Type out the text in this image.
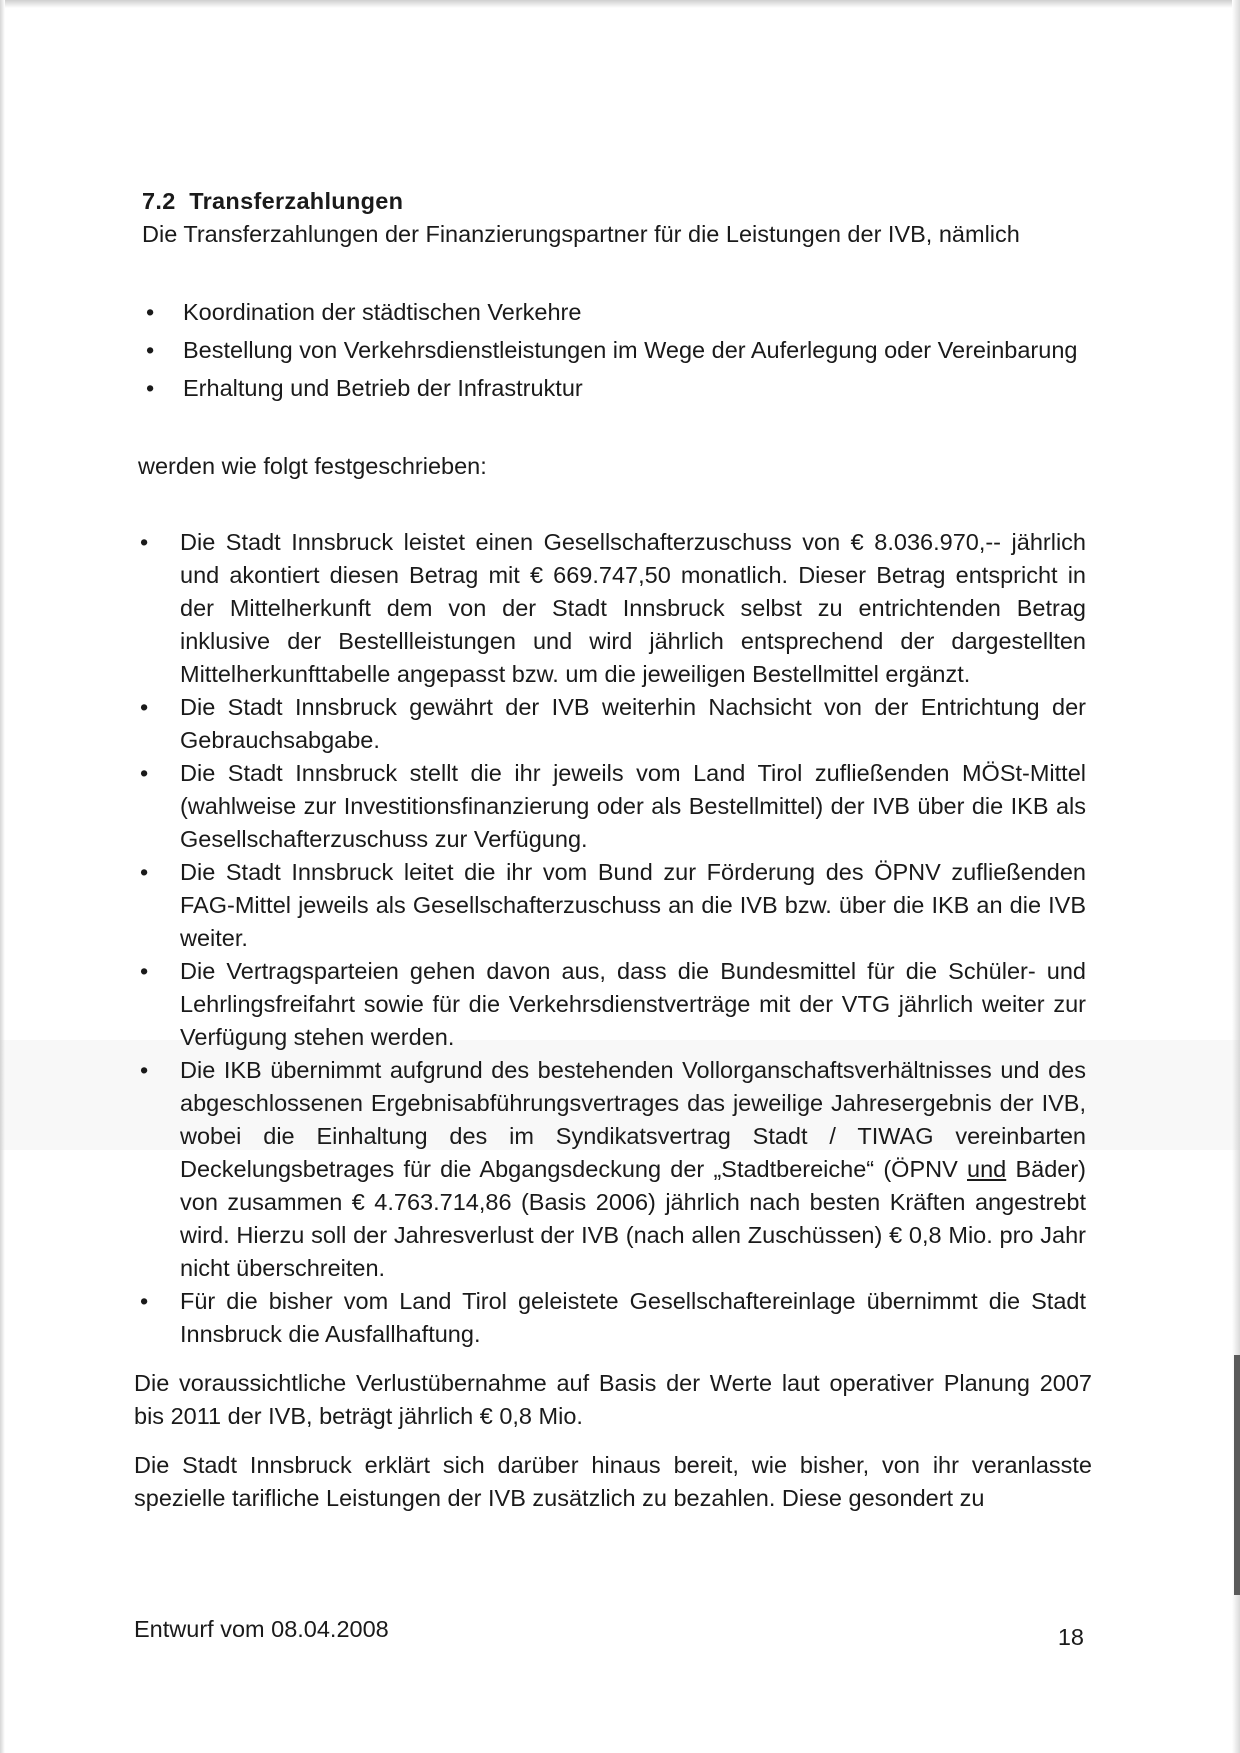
7.2 Transferzahlungen

Die Transferzahlungen der Finanzierungspartner für die Leistungen der IVB, nämlich

• Koordination der städtischen Verkehre
• Bestellung von Verkehrsdienstleistungen im Wege der Auferlegung oder Vereinbarung
• Erhaltung und Betrieb der Infrastruktur

werden wie folgt festgeschrieben:

• Die Stadt Innsbruck leistet einen Gesellschafterzuschuss von € 8.036.970,-- jährlich und akontiert diesen Betrag mit € 669.747,50 monatlich. Dieser Betrag entspricht in der Mittelherkunft dem von der Stadt Innsbruck selbst zu entrichtenden Betrag inklusive der Bestellleistungen und wird jährlich entsprechend der dargestellten Mittelherkunfttabelle angepasst bzw. um die jeweiligen Bestellmittel ergänzt.
• Die Stadt Innsbruck gewährt der IVB weiterhin Nachsicht von der Entrichtung der Gebrauchsabgabe.
• Die Stadt Innsbruck stellt die ihr jeweils vom Land Tirol zufließenden MÖSt-Mittel (wahlweise zur Investitionsfinanzierung oder als Bestellmittel) der IVB über die IKB als Gesellschafterzuschuss zur Verfügung.
• Die Stadt Innsbruck leitet die ihr vom Bund zur Förderung des ÖPNV zufließenden FAG-Mittel jeweils als Gesellschafterzuschuss an die IVB bzw. über die IKB an die IVB weiter.
• Die Vertragsparteien gehen davon aus, dass die Bundesmittel für die Schüler- und Lehrlingsfreifahrt sowie für die Verkehrsdienstverträge mit der VTG jährlich weiter zur Verfügung stehen werden.
• Die IKB übernimmt aufgrund des bestehenden Vollorganschaftsverhältnisses und des abgeschlossenen Ergebnisabführungsvertrages das jeweilige Jahresergebnis der IVB, wobei die Einhaltung des im Syndikatsvertrag Stadt / TIWAG vereinbarten Deckelungsbetrages für die Abgangsdeckung der „Stadtbereiche“ (ÖPNV und Bäder) von zusammen € 4.763.714,86 (Basis 2006) jährlich nach besten Kräften angestrebt wird. Hierzu soll der Jahresverlust der IVB (nach allen Zuschüssen) € 0,8 Mio. pro Jahr nicht überschreiten.
• Für die bisher vom Land Tirol geleistete Gesellschaftereinlage übernimmt die Stadt Innsbruck die Ausfallhaftung.

Die voraussichtliche Verlustübernahme auf Basis der Werte laut operativer Planung 2007 bis 2011 der IVB, beträgt jährlich € 0,8 Mio.

Die Stadt Innsbruck erklärt sich darüber hinaus bereit, wie bisher, von ihr veranlasste spezielle tarifliche Leistungen der IVB zusätzlich zu bezahlen. Diese gesondert zu

Entwurf vom 08.04.2008	18
